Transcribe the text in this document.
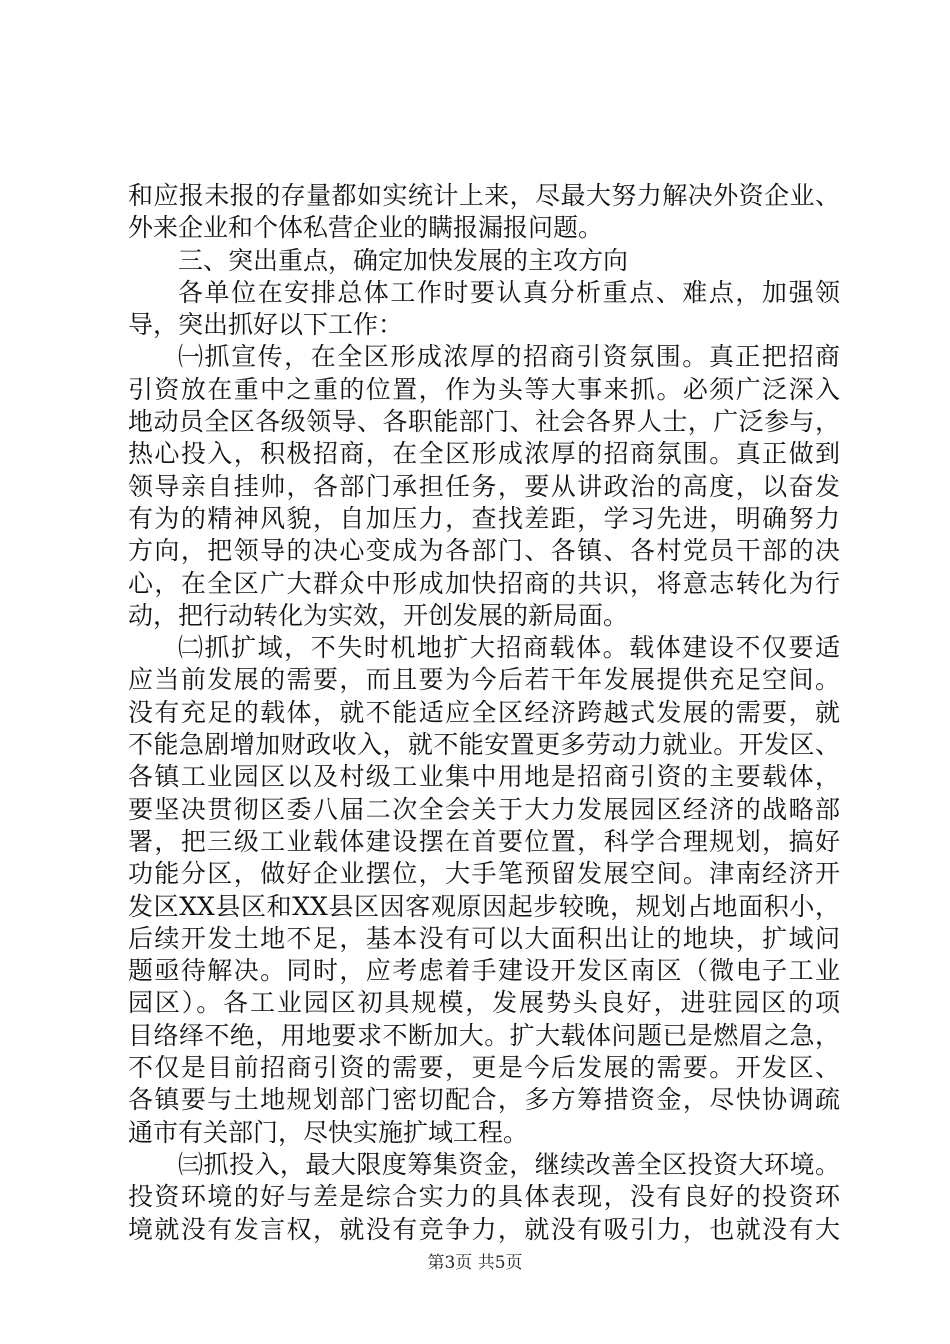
和应报未报的存量都如实统计上来，尽最大努力解决外资企业、
外来企业和个体私营企业的瞒报漏报问题。
三、突出重点，确定加快发展的主攻方向
各单位在安排总体工作时要认真分析重点、难点，加强领
导，突出抓好以下工作：
㈠抓宣传，在全区形成浓厚的招商引资氛围。真正把招商
引资放在重中之重的位置，作为头等大事来抓。必须广泛深入
地动员全区各级领导、各职能部门、社会各界人士，广泛参与，
热心投入，积极招商，在全区形成浓厚的招商氛围。真正做到
领导亲自挂帅，各部门承担任务，要从讲政治的高度，以奋发
有为的精神风貌，自加压力，查找差距，学习先进，明确努力
方向，把领导的决心变成为各部门、各镇、各村党员干部的决
心，在全区广大群众中形成加快招商的共识，将意志转化为行
动，把行动转化为实效，开创发展的新局面。
㈡抓扩域，不失时机地扩大招商载体。载体建设不仅要适
应当前发展的需要，而且要为今后若干年发展提供充足空间。
没有充足的载体，就不能适应全区经济跨越式发展的需要，就
不能急剧增加财政收入，就不能安置更多劳动力就业。开发区、
各镇工业园区以及村级工业集中用地是招商引资的主要载体，
要坚决贯彻区委八届二次全会关于大力发展园区经济的战略部
署，把三级工业载体建设摆在首要位置，科学合理规划，搞好
功能分区，做好企业摆位，大手笔预留发展空间。津南经济开
发区XX县区和XX县区因客观原因起步较晚，规划占地面积小，
后续开发土地不足，基本没有可以大面积出让的地块，扩域问
题亟待解决。同时，应考虑着手建设开发区南区（微电子工业
园区）。各工业园区初具规模，发展势头良好，进驻园区的项
目络绎不绝，用地要求不断加大。扩大载体问题已是燃眉之急，
不仅是目前招商引资的需要，更是今后发展的需要。开发区、
各镇要与土地规划部门密切配合，多方筹措资金，尽快协调疏
通市有关部门，尽快实施扩域工程。
㈢抓投入，最大限度筹集资金，继续改善全区投资大环境。
投资环境的好与差是综合实力的具体表现，没有良好的投资环
境就没有发言权，就没有竞争力，就没有吸引力，也就没有大
第3页 共5页
